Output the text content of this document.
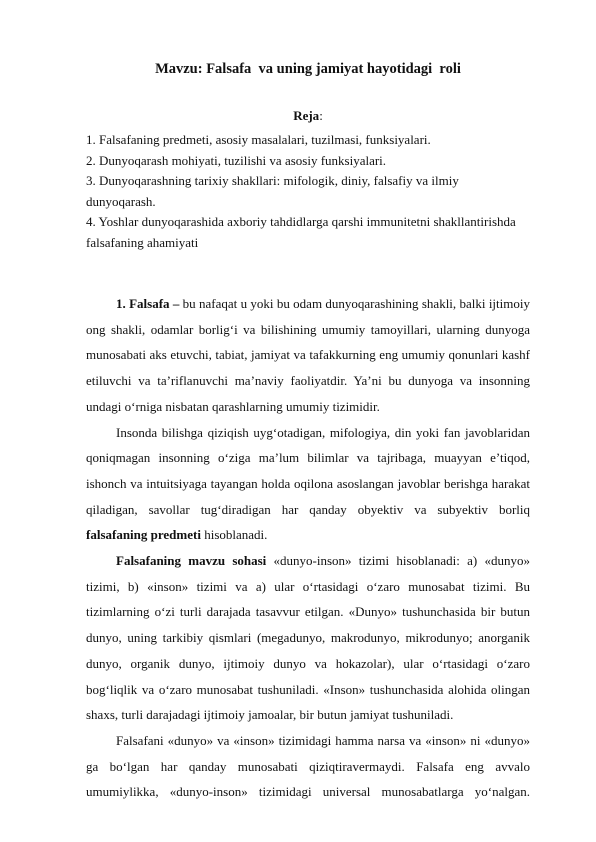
Mavzu: Falsafa  va uning jamiyat hayotidagi  roli
Reja:
1. Falsafaning predmeti, asosiy masalalari, tuzilmasi, funksiyalari.
2. Dunyoqarash mohiyati, tuzilishi va asosiy funksiyalari.
3. Dunyoqarashning tarixiy shakllari: mifologik, diniy, falsafiy va ilmiy dunyoqarash.
4. Yoshlar dunyoqarashida axboriy tahdidlarga qarshi immunitetni shakllantirishda falsafaning ahamiyati

1. Falsafa – bu nafaqat u yoki bu odam dunyoqarashining shakli, balki ijtimoiy ong shakli, odamlar borlig‘i va bilishining umumiy tamoyillari, ularning dunyoga munosabati aks etuvchi, tabiat, jamiyat va tafakkurning eng umumiy qonunlari kashf etiluvchi va ta’riflanuvchi ma’naviy faoliyatdir. Ya’ni bu dunyoga va insonning undagi o‘rniga nisbatan qarashlarning umumiy tizimidir.

Insonda bilishga qiziqish uyg‘otadigan, mifologiya, din yoki fan javoblaridan qoniqmagan insonning o‘ziga ma’lum bilimlar va tajribaga, muayyan e’tiqod, ishonch va intuitsiyaga tayangan holda oqilona asoslangan javoblar berishga harakat qiladigan, savollar tug‘diradigan har qanday obyektiv va subyektiv borliq falsafaning predmeti hisoblanadi.

Falsafaning mavzu sohasi «dunyo-inson» tizimi hisoblanadi: a) «dunyo» tizimi, b) «inson» tizimi va a) ular o‘rtasidagi o‘zaro munosabat tizimi. Bu tizimlarning o‘zi turli darajada tasavvur etilgan. «Dunyo» tushunchasida bir butun dunyo, uning tarkibiy qismlari (megadunyo, makrodunyo, mikrodunyo; anorganik dunyo, organik dunyo, ijtimoiy dunyo va hokazolar), ular o‘rtasidagi o‘zaro bog‘liqlik va o‘zaro munosabat tushuniladi. «Inson» tushunchasida alohida olingan shaxs, turli darajadagi ijtimoiy jamoalar, bir butun jamiyat tushuniladi.

Falsafani «dunyo» va «inson» tizimidagi hamma narsa va «inson» ni «dunyo» ga bo‘lgan har qanday munosabati qiziqtiravermaydi. Falsafa eng avvalo umumiylikka, «dunyo-inson» tizimidagi universal munosabatlarga yo‘nalgan.
